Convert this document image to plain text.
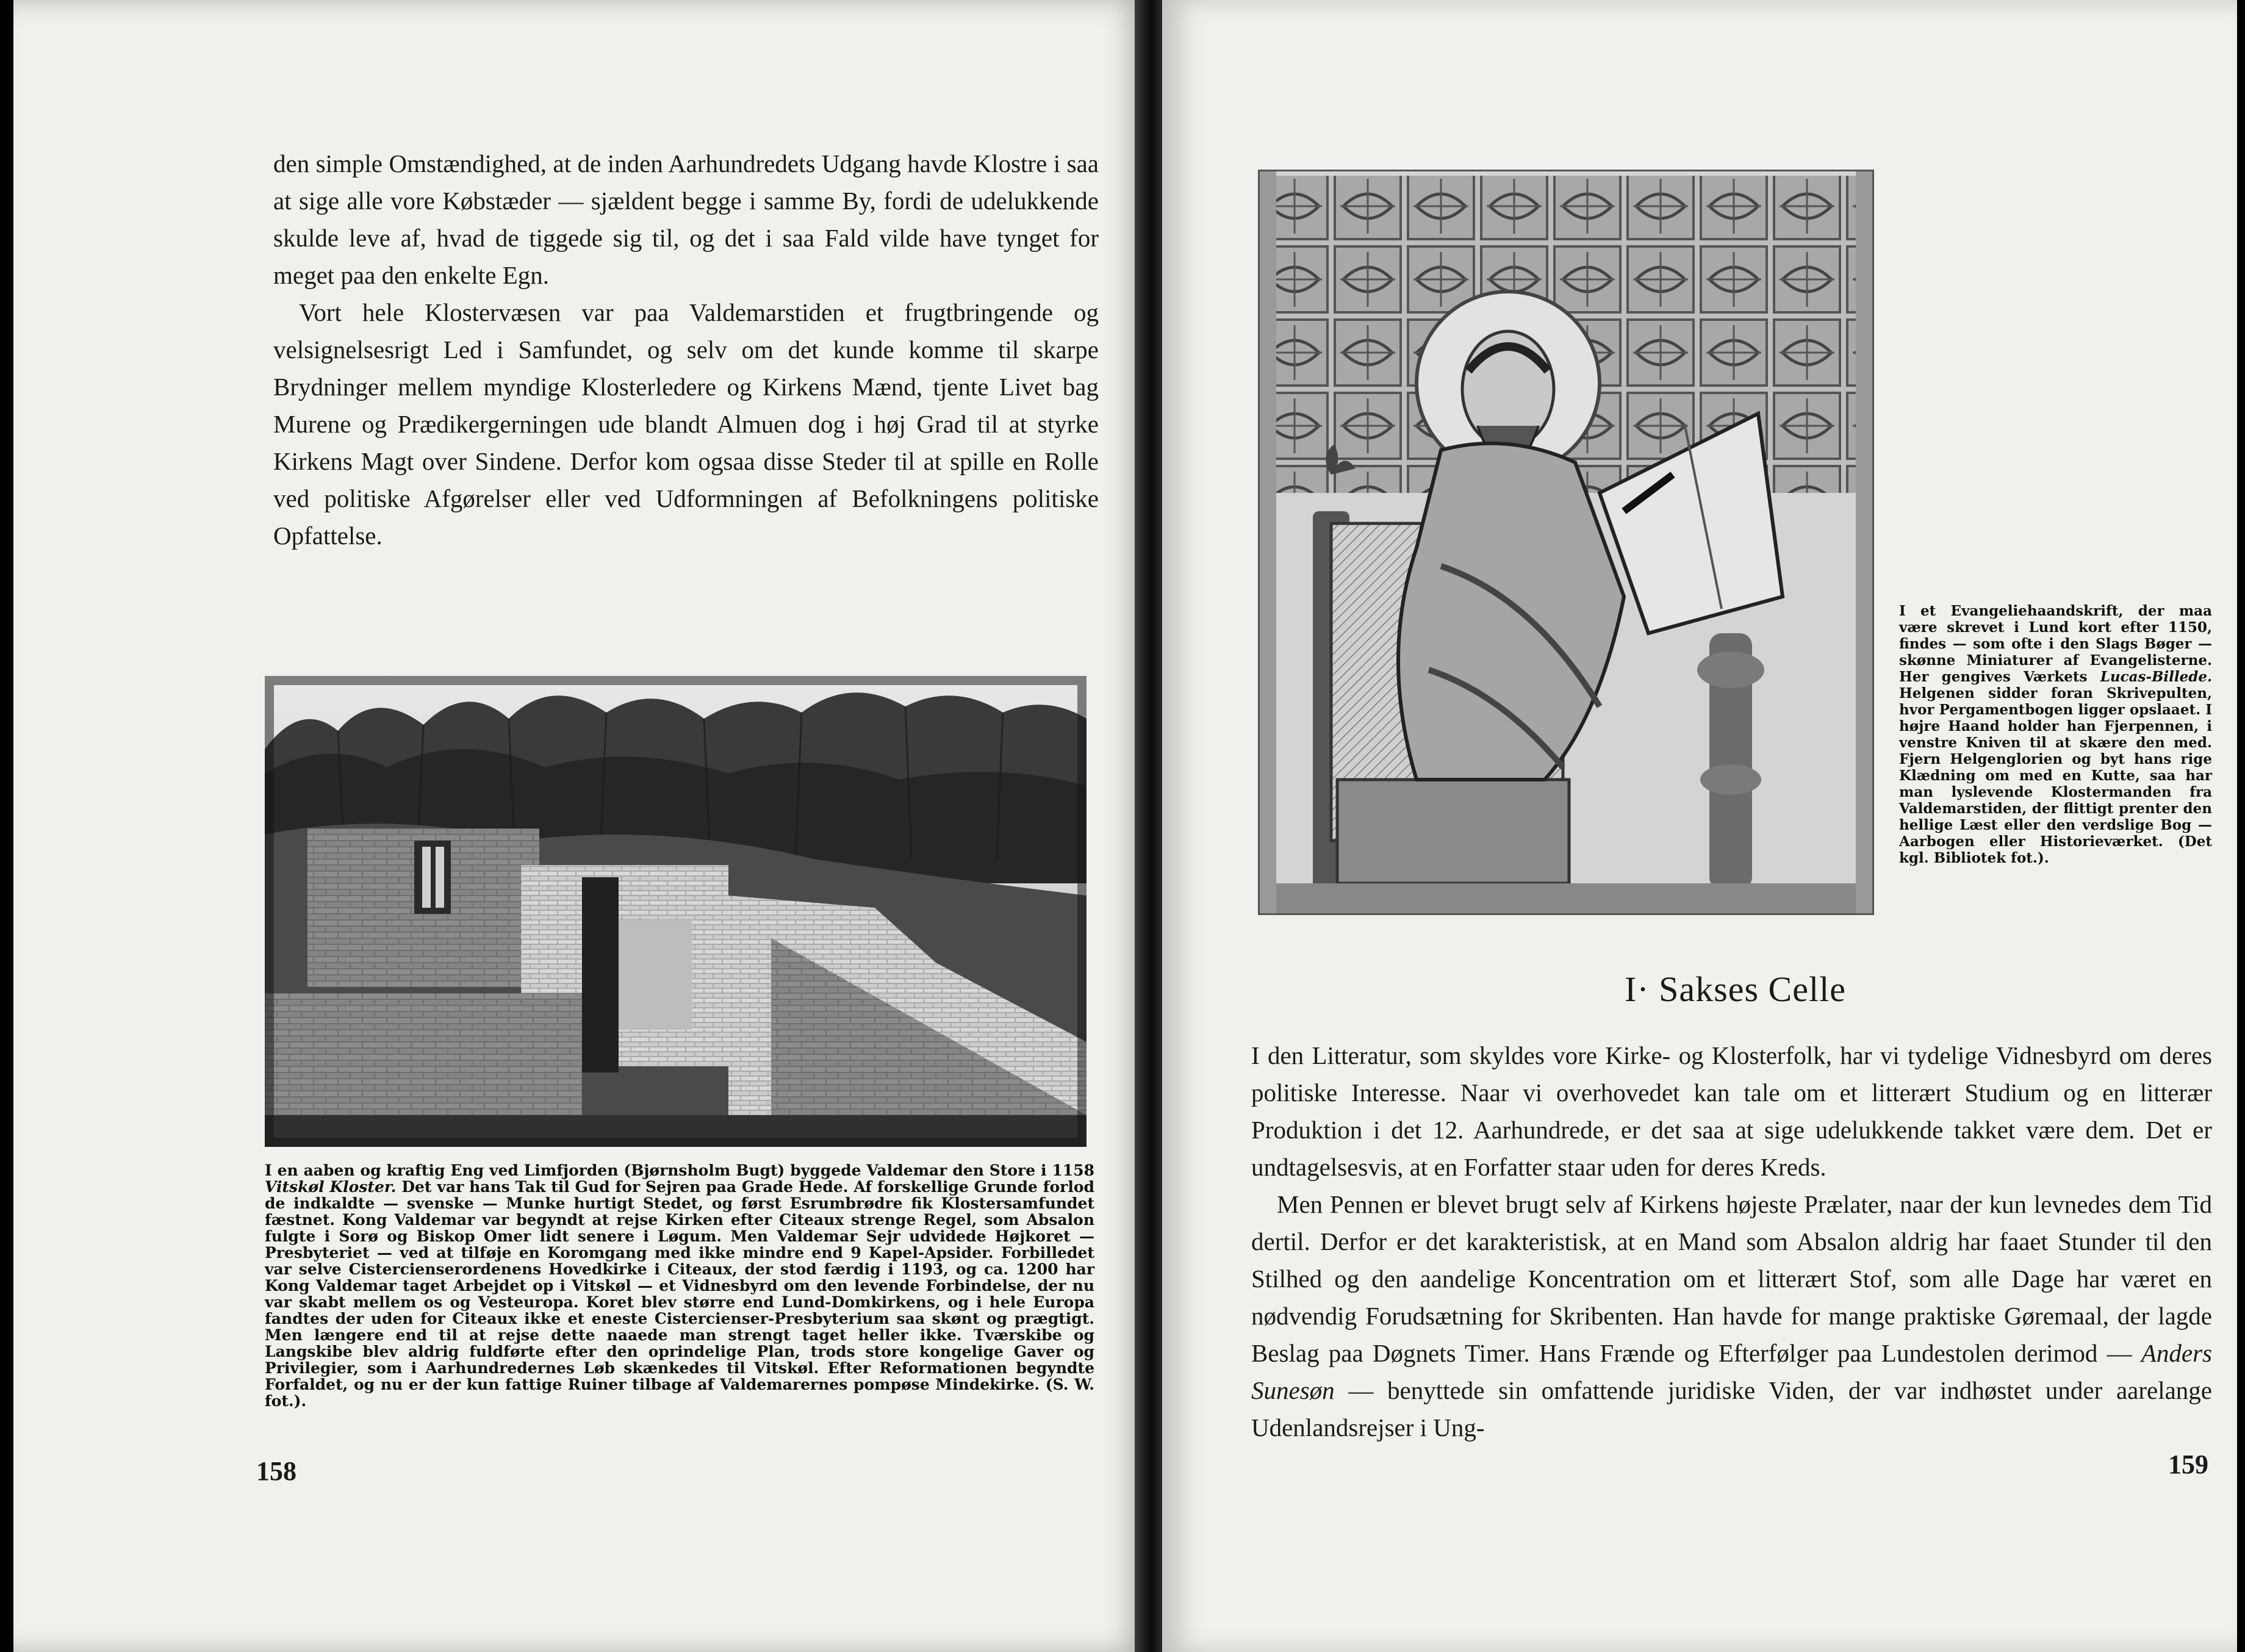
den simple Omstændighed, at de inden Aarhundredets Udgang havde Klostre i saa at sige alle vore Købstæder — sjældent begge i samme By, fordi de udelukkende skulde leve af, hvad de tiggede sig til, og det i saa Fald vilde have tynget for meget paa den enkelte Egn.

Vort hele Klostervæsen var paa Valdemarstiden et frugtbringende og velsignelsesrigt Led i Samfundet, og selv om det kunde komme til skarpe Brydninger mellem myndige Klosterledere og Kirkens Mænd, tjente Livet bag Murene og Prædikergerningen ude blandt Almuen dog i høj Grad til at styrke Kirkens Magt over Sindene. Derfor kom ogsaa disse Steder til at spille en Rolle ved politiske Afgørelser eller ved Udformningen af Befolkningens politiske Opfattelse.

I en aaben og kraftig Eng ved Limfjorden (Bjørnsholm Bugt) byggede Valdemar den Store i 1158 Vitskøl Kloster. Det var hans Tak til Gud for Sejren paa Grade Hede. Af forskellige Grunde forlod de indkaldte — svenske — Munke hurtigt Stedet, og først Esrumbrødre fik Klostersamfundet fæstnet. Kong Valdemar var begyndt at rejse Kirken efter Citeaux strenge Regel, som Absalon fulgte i Sorø og Biskop Omer lidt senere i Løgum. Men Valdemar Sejr udvidede Højkoret — Presbyteriet — ved at tilføje en Koromgang med ikke mindre end 9 Kapel-Apsider. Forbilledet var selve Cistercienserordenens Hovedkirke i Citeaux, der stod færdig i 1193, og ca. 1200 har Kong Valdemar taget Arbejdet op i Vitskøl — et Vidnesbyrd om den levende Forbindelse, der nu var skabt mellem os og Vesteuropa. Koret blev større end Lund-Domkirkens, og i hele Europa fandtes der uden for Citeaux ikke et eneste Cistercienser-Presbyterium saa skønt og prægtigt. Men længere end til at rejse dette naaede man strengt taget heller ikke. Tværskibe og Langskibe blev aldrig fuldførte efter den oprindelige Plan, trods store kongelige Gaver og Privilegier, som i Aarhundredernes Løb skænkedes til Vitskøl. Efter Reformationen begyndte Forfaldet, og nu er der kun fattige Ruiner tilbage af Valdemarernes pompøse Mindekirke. (S. W. fot.).

158

I et Evangeliehaandskrift, der maa være skrevet i Lund kort efter 1150, findes — som ofte i den Slags Bøger — skønne Miniaturer af Evangelisterne. Her gengives Værkets Lucas-Billede. Helgenen sidder foran Skrivepulten, hvor Pergamentbogen ligger opslaaet. I højre Haand holder han Fjerpennen, i venstre Kniven til at skære den med. Fjern Helgenglorien og byt hans rige Klædning om med en Kutte, saa har man lyslevende Klostermanden fra Valdemarstiden, der flittigt prenter den hellige Læst eller den verdslige Bog — Aarbogen eller Historieværket. (Det kgl. Bibliotek fot.).

I· Sakses Celle

I den Litteratur, som skyldes vore Kirke- og Klosterfolk, har vi tydelige Vidnesbyrd om deres politiske Interesse. Naar vi overhovedet kan tale om et litterært Studium og en litterær Produktion i det 12. Aarhundrede, er det saa at sige udelukkende takket være dem. Det er undtagelsesvis, at en Forfatter staar uden for deres Kreds.

Men Pennen er blevet brugt selv af Kirkens højeste Prælater, naar der kun levnedes dem Tid dertil. Derfor er det karakteristisk, at en Mand som Absalon aldrig har faaet Stunder til den Stilhed og den aandelige Koncentration om et litterært Stof, som alle Dage har været en nødvendig Forudsætning for Skribenten. Han havde for mange praktiske Gøremaal, der lagde Beslag paa Døgnets Timer. Hans Frænde og Efterfølger paa Lundestolen derimod — Anders Sunesøn — benyttede sin omfattende juridiske Viden, der var indhøstet under aarelange Udenlandsrejser i Ung-

159
